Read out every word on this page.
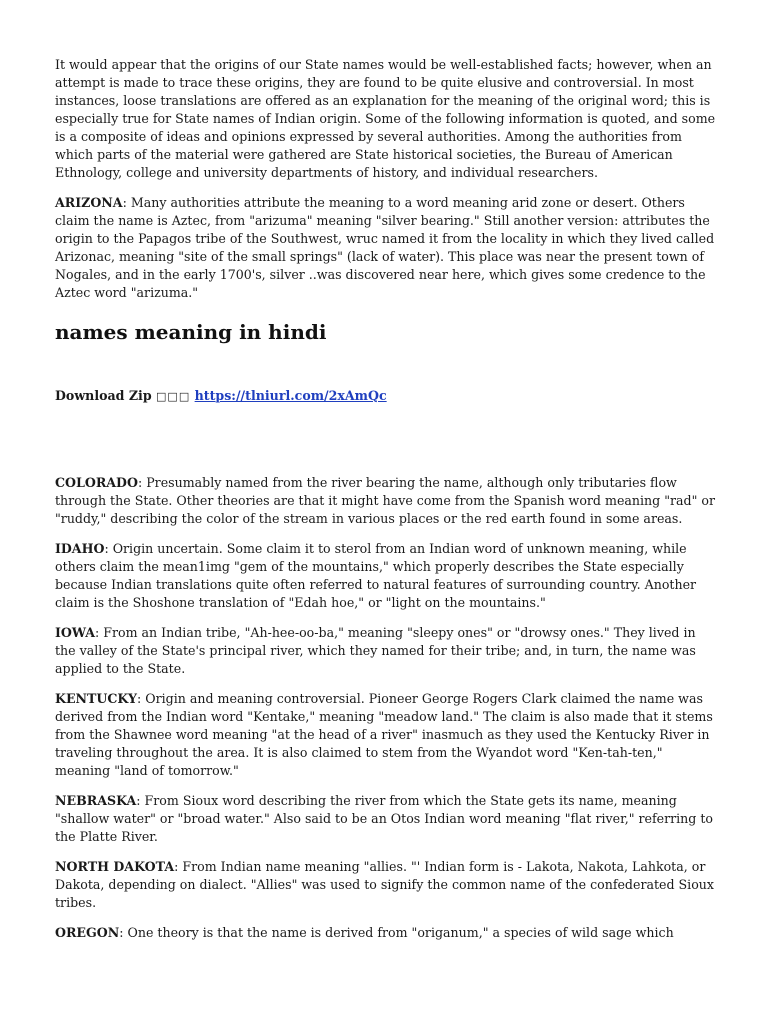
It would appear that the origins of our State names would be well-established facts; however, when an attempt is made to trace these origins, they are found to be quite elusive and controversial. In most instances, loose translations are offered as an explanation for the meaning of the original word; this is especially true for State names of Indian origin. Some of the following information is quoted, and some is a composite of ideas and opinions expressed by several authorities. Among the authorities from which parts of the material were gathered are State historical societies, the Bureau of American Ethnology, college and university departments of history, and individual researchers.

ARIZONA: Many authorities attribute the meaning to a word meaning arid zone or desert. Others claim the name is Aztec, from "arizuma" meaning "silver bearing." Still another version: attributes the origin to the Papagos tribe of the Southwest, wruc named it from the locality in which they lived called Arizonac, meaning "site of the small springs" (lack of water). This place was near the present town of Nogales, and in the early 1700's, silver ..was discovered near here, which gives some credence to the Aztec word "arizuma."

names meaning in hindi

Download Zip □□□ https://tlniurl.com/2xAmQc

COLORADO: Presumably named from the river bearing the name, although only tributaries flow through the State. Other theories are that it might have come from the Spanish word meaning "rad" or "ruddy," describing the color of the stream in various places or the red earth found in some areas.

IDAHO: Origin uncertain. Some claim it to sterol from an Indian word of unknown meaning, while others claim the mean1img "gem of the mountains," which properly describes the State especially because Indian translations quite often referred to natural features of surrounding country. Another claim is the Shoshone translation of "Edah hoe," or "light on the mountains."

IOWA: From an Indian tribe, "Ah-hee-oo-ba," meaning "sleepy ones" or "drowsy ones." They lived in the valley of the State's principal river, which they named for their tribe; and, in turn, the name was applied to the State.

KENTUCKY: Origin and meaning controversial. Pioneer George Rogers Clark claimed the name was derived from the Indian word "Kentake," meaning "meadow land." The claim is also made that it stems from the Shawnee word meaning "at the head of a river" inasmuch as they used the Kentucky River in traveling throughout the area. It is also claimed to stem from the Wyandot word "Ken-tah-ten," meaning "land of tomorrow."

NEBRASKA: From Sioux word describing the river from which the State gets its name, meaning "shallow water" or "broad water." Also said to be an Otos Indian word meaning "flat river," referring to the Platte River.

NORTH DAKOTA: From Indian name meaning "allies. "' Indian form is - Lakota, Nakota, Lahkota, or Dakota, depending on dialect. "Allies" was used to signify the common name of the confederated Sioux tribes.

OREGON: One theory is that the name is derived from "origanum," a species of wild sage which
